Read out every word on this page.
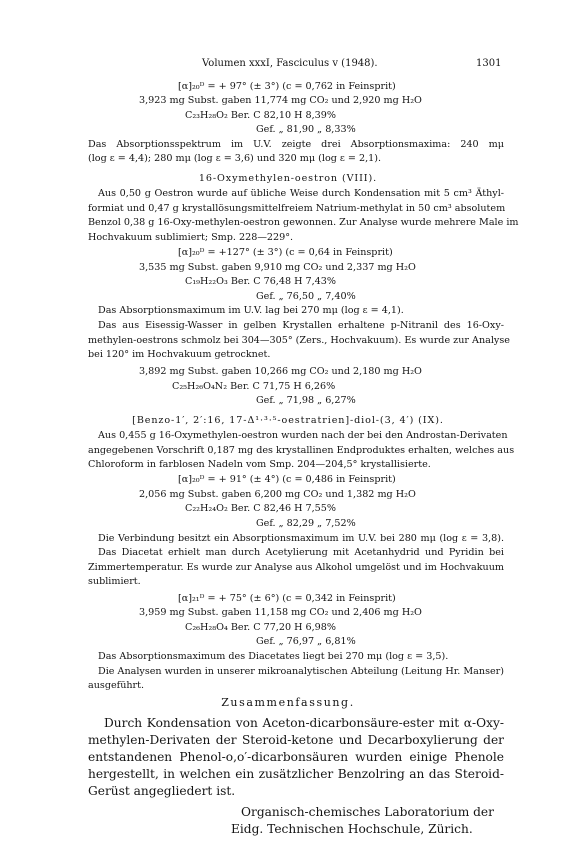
Volumen xxxI, Fasciculus v (1948).	1301
[α]₂₀ᴰ = + 97° (± 3°) (c = 0,762 in Feinsprit)
3,923 mg Subst. gaben 11,774 mg CO₂ und 2,920 mg H₂O
C₂₃H₂₈O₂ Ber. C 82,10 H 8,39%
Gef. „ 81,90 „ 8,33%
Das Absorptionsspektrum im U.V. zeigte drei Absorptionsmaxima: 240 mμ
(log ε = 4,4); 280 mμ (log ε = 3,6) und 320 mμ (log ε = 2,1).
16-Oxymethylen-oestron (VIII).
Aus 0,50 g Oestron wurde auf übliche Weise durch Kondensation mit 5 cm³ Äthyl-
formiat und 0,47 g krystallösungsmittelfreiem Natrium-methylat in 50 cm³ absolutem
Benzol 0,38 g 16-Oxy-methylen-oestron gewonnen. Zur Analyse wurde mehrere Male im
Hochvakuum sublimiert; Smp. 228—229°.
[α]₂₀ᴰ = +127° (± 3°) (c = 0,64 in Feinsprit)
3,535 mg Subst. gaben 9,910 mg CO₂ und 2,337 mg H₂O
C₁₉H₂₂O₃ Ber. C 76,48 H 7,43%
Gef. „ 76,50 „ 7,40%
Das Absorptionsmaximum im U.V. lag bei 270 mμ (log ε = 4,1).
Das aus Eisessig-Wasser in gelben Krystallen erhaltene p-Nitranil des 16-Oxy-
methylen-oestrons schmolz bei 304—305° (Zers., Hochvakuum). Es wurde zur Analyse
bei 120° im Hochvakuum getrocknet.
3,892 mg Subst. gaben 10,266 mg CO₂ und 2,180 mg H₂O
C₂₅H₂₆O₄N₂ Ber. C 71,75 H 6,26%
Gef. „ 71,98 „ 6,27%
[Benzo-1′, 2′:16, 17-Δ¹·³·⁵-oestratrien]-diol-(3, 4′) (IX).
Aus 0,455 g 16-Oxymethylen-oestron wurden nach der bei den Androstan-Derivaten
angegebenen Vorschrift 0,187 mg des krystallinen Endproduktes erhalten, welches aus
Chloroform in farblosen Nadeln vom Smp. 204—204,5° krystallisierte.
[α]₂₀ᴰ = + 91° (± 4°) (c = 0,486 in Feinsprit)
2,056 mg Subst. gaben 6,200 mg CO₂ und 1,382 mg H₂O
C₂₂H₂₄O₂ Ber. C 82,46 H 7,55%
Gef. „ 82,29 „ 7,52%
Die Verbindung besitzt ein Absorptionsmaximum im U.V. bei 280 mμ (log ε = 3,8).
Das Diacetat erhielt man durch Acetylierung mit Acetanhydrid und Pyridin bei
Zimmertemperatur. Es wurde zur Analyse aus Alkohol umgelöst und im Hochvakuum
sublimiert.
[α]₂₁ᴰ = + 75° (± 6°) (c = 0,342 in Feinsprit)
3,959 mg Subst. gaben 11,158 mg CO₂ und 2,406 mg H₂O
C₂₆H₂₈O₄ Ber. C 77,20 H 6,98%
Gef. „ 76,97 „ 6,81%
Das Absorptionsmaximum des Diacetates liegt bei 270 mμ (log ε = 3,5).
Die Analysen wurden in unserer mikroanalytischen Abteilung (Leitung Hr. Manser)
ausgeführt.
Zusammenfassung.
Durch Kondensation von Aceton-dicarbonsäure-ester mit α-Oxy-
methylen-Derivaten der Steroid-ketone und Decarboxylierung der
entstandenen Phenol-o,o′-dicarbonsäuren wurden einige Phenole
hergestellt, in welchen ein zusätzlicher Benzolring an das Steroid-
Gerüst angegliedert ist.
Organisch-chemisches Laboratorium der
Eidg. Technischen Hochschule, Zürich.
